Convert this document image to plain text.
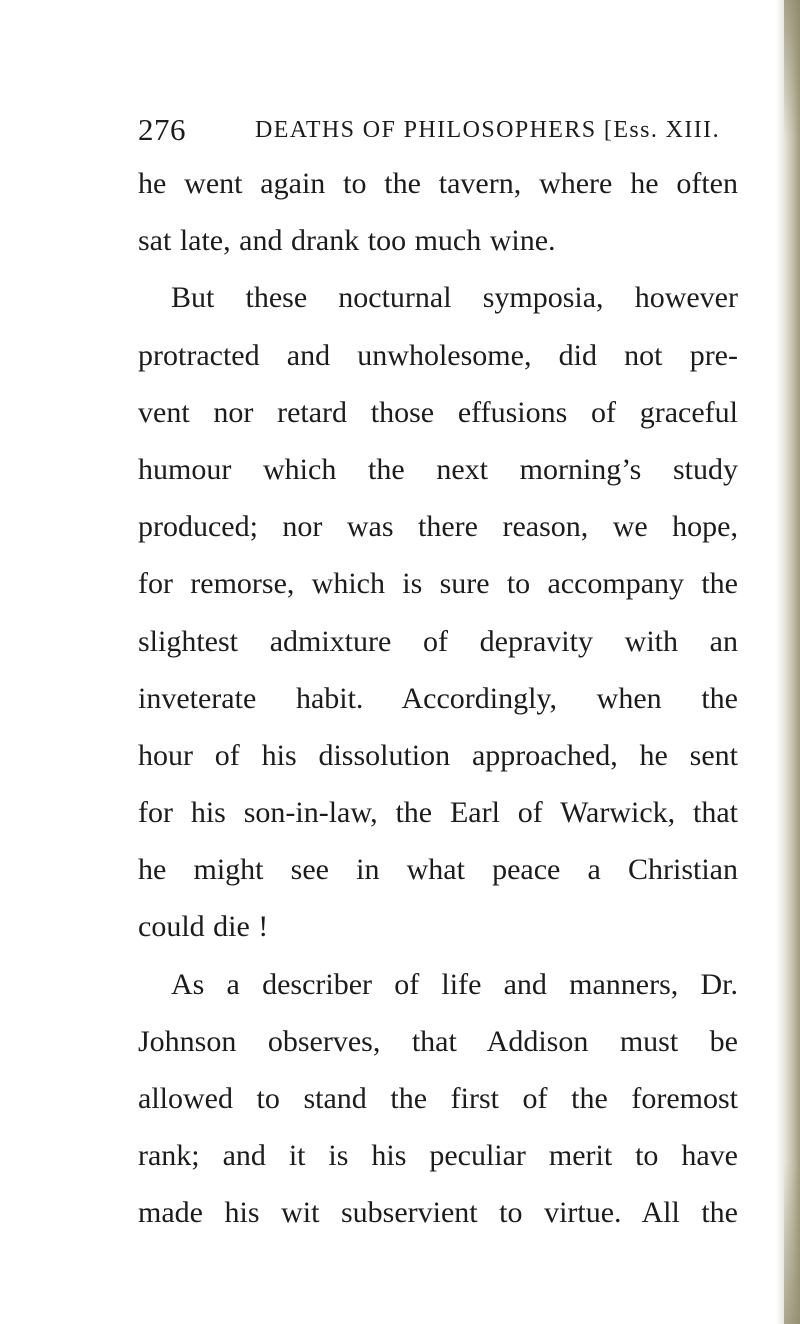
276	DEATHS OF PHILOSOPHERS [Ess. XIII.
he went again to the tavern, where he often
sat late, and drank too much wine.
But these nocturnal symposia, however
protracted and unwholesome, did not pre-
vent nor retard those effusions of graceful
humour which the next morning’s study
produced; nor was there reason, we hope,
for remorse, which is sure to accompany the
slightest admixture of depravity with an
inveterate habit. Accordingly, when the
hour of his dissolution approached, he sent
for his son-in-law, the Earl of Warwick, that
he might see in what peace a Christian
could die !
As a describer of life and manners, Dr.
Johnson observes, that Addison must be
allowed to stand the first of the foremost
rank; and it is his peculiar merit to have
made his wit subservient to virtue. All the
